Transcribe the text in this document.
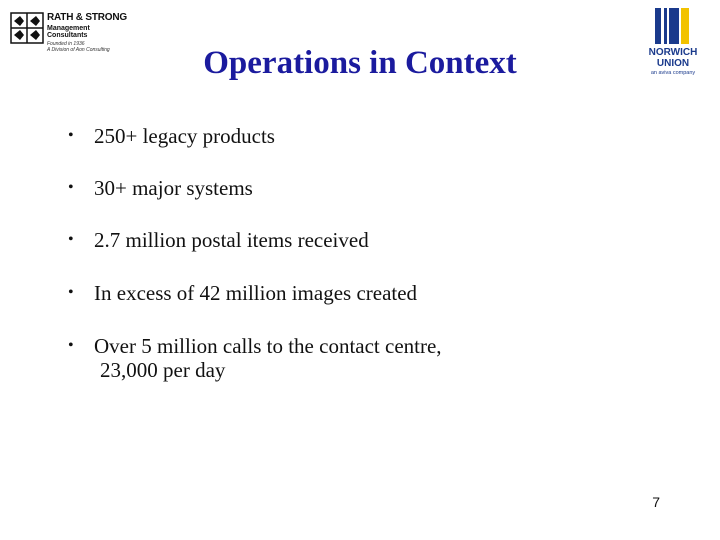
RATH & STRONG
Management Consultants
Founded in 1936
A Division of Aon Consulting	NORWICH
UNION
an aviva company
Operations in Context
• 250+ legacy products
• 30+ major systems
• 2.7 million postal items received
• In excess of 42 million images created
• Over 5 million calls to the contact centre,
23,000 per day
7
